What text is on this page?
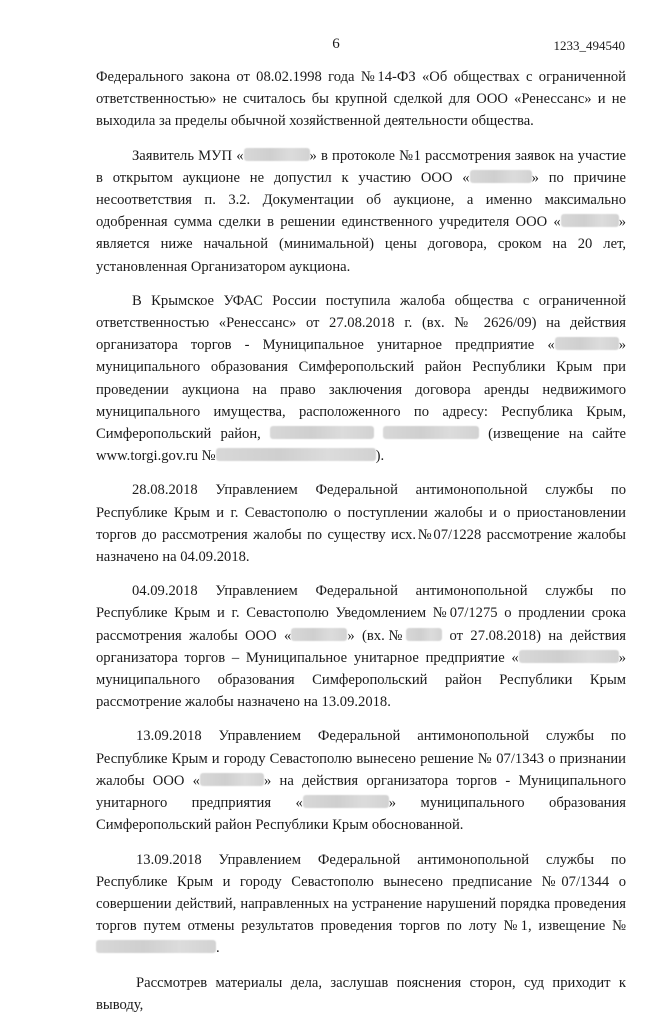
6	1233_494540

Федерального закона от 08.02.1998 года №14-ФЗ «Об обществах с ограниченной ответственностью» не считалось бы крупной сделкой для ООО «Ренессанс» и не выходила за пределы обычной хозяйственной деятельности общества.

Заявитель МУП «	» в протоколе №1 рассмотрения заявок на участие в открытом аукционе не допустил к участию ООО «	» по причине несоответствия п. 3.2. Документации об аукционе, а именно максимально одобренная сумма сделки в решении единственного учредителя ООО «	» является ниже начальной (минимальной) цены договора, сроком на 20 лет, установленная Организатором аукциона.

В Крымское УФАС России поступила жалоба общества с ограниченной ответственностью «Ренессанс» от 27.08.2018 г. (вх. № 2626/09) на действия организатора торгов - Муниципальное унитарное предприятие «	» муниципального образования Симферопольский район Республики Крым при проведении аукциона на право заключения договора аренды недвижимого муниципального имущества, расположенного по адресу: Республика Крым, Симферопольский район,	(извещение на сайте www.torgi.gov.ru №	).

28.08.2018 Управлением Федеральной антимонопольной службы по Республике Крым и г. Севастополю о поступлении жалобы и о приостановлении торгов до рассмотрения жалобы по существу исх.№07/1228 рассмотрение жалобы назначено на 04.09.2018.

04.09.2018 Управлением Федеральной антимонопольной службы по Республике Крым и г. Севастополю Уведомлением №07/1275 о продлении срока рассмотрения жалобы ООО «	» (вх.№	от 27.08.2018) на действия организатора торгов – Муниципальное унитарное предприятие «	» муниципального образования Симферопольский район Республики Крым рассмотрение жалобы назначено на 13.09.2018.

13.09.2018 Управлением Федеральной антимонопольной службы по Республике Крым и городу Севастополю вынесено решение № 07/1343 о признании жалобы ООО «	» на действия организатора торгов - Муниципального унитарного предприятия «	» муниципального образования Симферопольский район Республики Крым обоснованной.

13.09.2018 Управлением Федеральной антимонопольной службы по Республике Крым и городу Севастополю вынесено предписание №07/1344 о совершении действий, направленных на устранение нарушений порядка проведения торгов путем отмены результатов проведения торгов по лоту №1, извещение №.

Рассмотрев материалы дела, заслушав пояснения сторон, суд приходит к выводу,
